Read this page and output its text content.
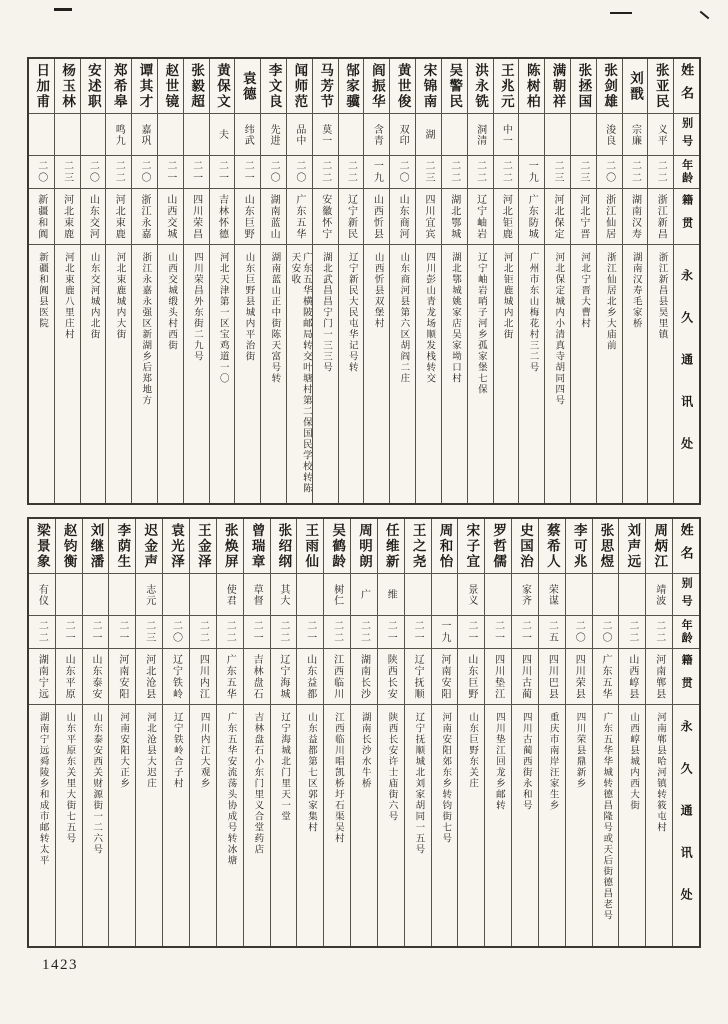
姓名
别号
年龄
籍贯
永久通讯处
张亚民
义平
二二
浙江新昌
浙江新昌县昊里镇
刘戬
宗廉
二二
湖南汉寿
湖南汉寿毛家桥
张剑雄
浚良
二〇
浙江仙居
浙江仙居北乡大庙前
张拯国
二三
河北宁晋
河北宁晋大曹村
满朝祥
二三
河北保定
河北保定城内小清真寺胡同四号
陈树柏
一九
广东防城
广州市东山梅花村三二号
王兆元
中一
二二
河北钜鹿
河北钜鹿城内北街
洪永铣
洞清
二二
辽宁岫岩
辽宁岫岩哨子河乡孤家堡七保
吴警民
二二
湖北鄂城
湖北鄂城姚家店吴家坳口村
宋锦南
湖
二三
四川宜宾
四川彭山青龙场顺发栈转交
黄世俊
双印
二〇
山东商河
山东商河县第六区胡阎二庄
阎振华
含青
一九
山西忻县
山西忻县双堡村
郜家骥
二二
辽宁新民
辽宁新民大民屯华记号转
马芳节
莫一
二二
安徽怀宁
湖北武昌昌宁门一三三号
闻师范
品中
二〇
广东五华
广东五华横陂邮局转交叶塘村第二保国民学校转陈天安收
李文良
先进
二〇
湖南蓝山
湖南蓝山正中街陈天富号转
袁德
纬武
二一
山东巨野
山东巨野县城内平治街
黄保文
夫
二一
吉林怀德
河北天津第一区宝鸡道一〇
张毅超
二一
四川荣昌
四川荣昌外东街二九号
赵世镜
二一
山西交城
山西交城缎头村西街
谭其才
嘉巩
二〇
浙江永嘉
浙江永嘉永强区新湖乡后郑地方
郑希皋
鸣九
二二
河北束鹿
河北束鹿城内大街
安述职
二〇
山东交河
山东交河城内北街
杨玉林
二三
河北束鹿
河北束鹿八里庄村
日加甫
二〇
新疆和阗
新疆和阗县医院
姓名
别号
年龄
籍贯
永久通讯处
周炳江
靖波
二二
河南郸县
河南郸县哈河镇转筱屯村
刘声远
二二
山西崞县
山西崞县城内西大街
张思煜
二〇
广东五华
广东五华华城转德昌隆号或天后街德昌老号
李可兆
二〇
四川荣县
四川荣县鼎新乡
蔡希人
荣谋
二五
四川巴县
重庆市南岸汪家生乡
史国治
家齐
二一
四川古蔺
四川古蔺西街永和号
罗哲儒
二一
四川垫江
四川垫江回龙乡邮转
宋子宜
景义
二一
山东巨野
山东巨野东关庄
周和怡
一九
河南安阳
河南安阳郊东乡转钧街七号
王之尧
二一
辽宁抚顺
辽宁抚顺城北刘家胡同一五号
任维新
维
二一
陕西长安
陕西长安许士庙街六号
周明朗
广
二二
湖南长沙
湖南长沙水牛桥
吴鹤龄
树仁
二二
江西临川
江西临川唱凯桥圩石渠吴村
王雨仙
二一
山东益都
山东益都第七区郭家集村
张绍纲
其大
二二
辽宁海城
辽宁海城北门里天一堂
曾瑞章
草督
二一
吉林盘石
吉林盘石小东门里义合堂药店
张焕屏
使君
二二
广东五华
广东五华安流荡头协成号转冰塘
王金泽
二二
四川内江
四川内江大观乡
袁光泽
二〇
辽宁铁岭
辽宁铁岭合子村
迟金声
志元
二三
河北沧县
河北沧县大迟庄
李荫生
二一
河南安阳
河南安阳大正乡
刘继潘
二一
山东泰安
山东泰安西关财源街一二六号
赵钧衡
二一
山东平原
山东平原东关里大街七五号
梁景象
有仪
二二
湖南宁远
湖南宁远舜陵乡和成市邮转太平
1423
